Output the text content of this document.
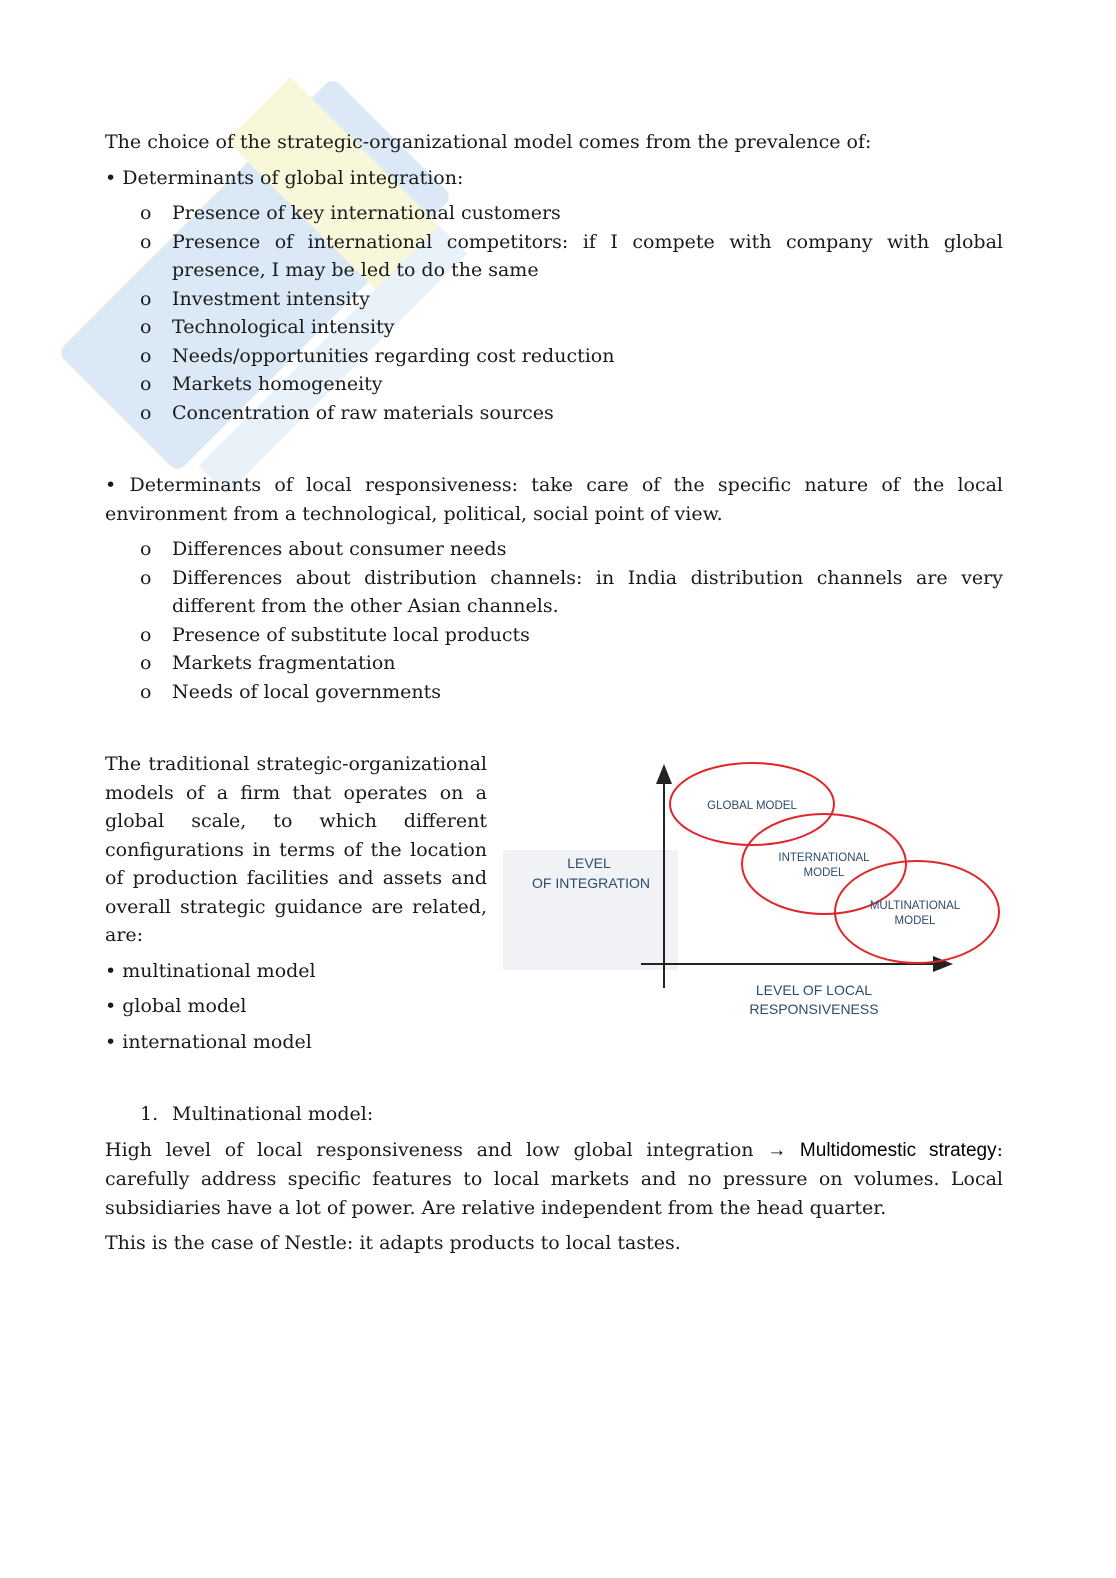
The choice of the strategic-organizational model comes from the prevalence of:

• Determinants of global integration:

o Presence of key international customers
o Presence of international competitors: if I compete with company with global presence, I may be led to do the same
o Investment intensity
o Technological intensity
o Needs/opportunities regarding cost reduction
o Markets homogeneity
o Concentration of raw materials sources

• Determinants of local responsiveness: take care of the specific nature of the local environment from a technological, political, social point of view.

o Differences about consumer needs
o Differences about distribution channels: in India distribution channels are very different from the other Asian channels.
o Presence of substitute local products
o Markets fragmentation
o Needs of local governments

The traditional strategic-organizational models of a firm that operates on a global scale, to which different configurations in terms of the location of production facilities and assets and overall strategic guidance are related, are:

• multinational model

• global model

• international model

LEVEL
OF INTEGRATION
LEVEL OF LOCAL
RESPONSIVENESS
GLOBAL MODEL
INTERNATIONAL
MODEL
MULTINATIONAL
MODEL

1. Multinational model:

High level of local responsiveness and low global integration → Multidomestic strategy: carefully address specific features to local markets and no pressure on volumes. Local subsidiaries have a lot of power. Are relative independent from the head quarter.

This is the case of Nestle: it adapts products to local tastes.
